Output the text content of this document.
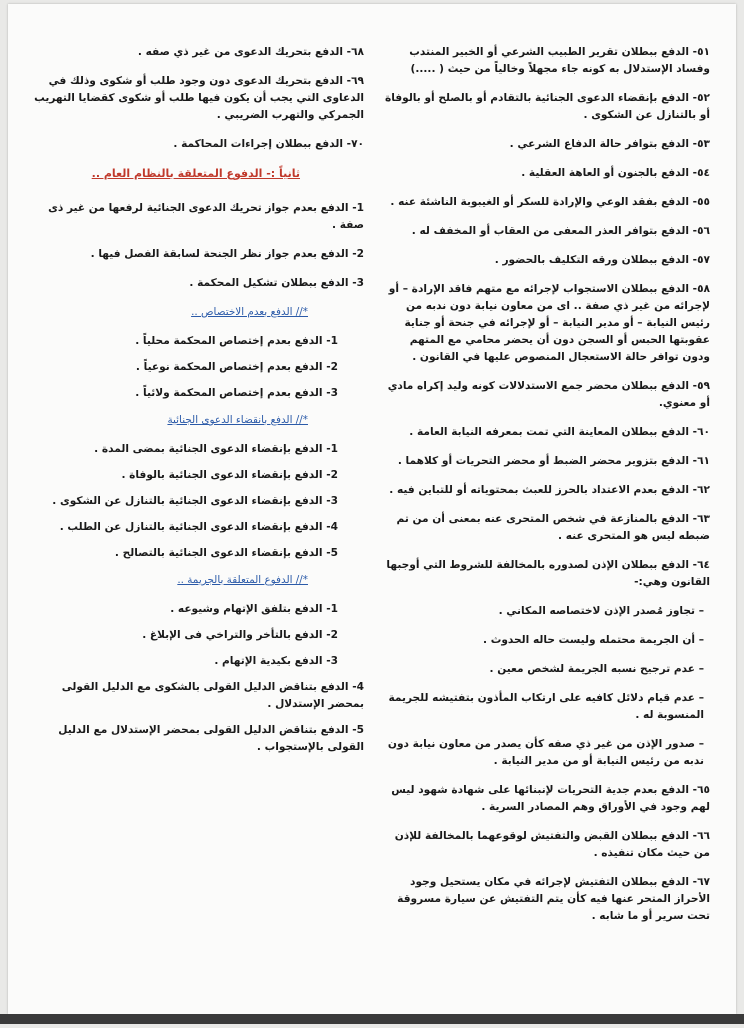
٥١- الدفع ببطلان تقرير الطبيب الشرعي أو الخبير المنتدب وفساد الإستدلال به كونه جاء مجهلاً وخالياً من حيث ( .....)

٥٢- الدفع بإنقضاء الدعوى الجنائية بالتقادم أو بالصلح أو بالوفاة أو بالتنازل عن الشكوى .

٥٣- الدفع بتوافر حالة الدفاع الشرعي .

٥٤- الدفع بالجنون أو العاهة العقلية .

٥٥- الدفع بفقد الوعي والإرادة للسكر أو الغيبوبة الناشئة عنه .

٥٦- الدفع بتوافر العذر المعفى من العقاب أو المخفف له .

٥٧- الدفع ببطلان ورقه التكليف بالحضور .

٥٨- الدفع ببطلان الاستجواب لإجرائه مع متهم فاقد الإرادة – أو لإجرائه من غير ذي صفة .. اى من معاون نيابة دون ندبه من رئيس النيابة – أو مدير النيابة – أو لإجرائه في جنحة أو جناية عقوبتها الحبس أو السجن دون أن يحضر محامي مع المتهم ودون توافر حالة الاستعجال المنصوص عليها في القانون .

٥٩- الدفع ببطلان محضر جمع الاستدلالات كونه وليد إكراه مادي أو معنوي.

٦٠- الدفع ببطلان المعاينة التي تمت بمعرفه النيابة العامة .

٦١- الدفع بتزوير محضر الضبط أو محضر التحريات أو كلاهما .

٦٢- الدفع بعدم الاعتداد بالحرز للعبث بمحتوياته أو للتباين فيه .

٦٣- الدفع بالمنازعة في شخص المتحرى عنه بمعنى أن من تم ضبطه ليس هو المتحرى عنه .

٦٤- الدفع ببطلان الإذن لصدوره بالمخالفة للشروط التي أوجبها القانون وهي:-

– تجاوز مُصدر الإذن لاختصاصه المكاني .

– أن الجريمة محتمله وليست حاله الحدوث .

– عدم ترجيح نسبه الجريمة لشخص معين .

– عدم قيام دلائل كافيه على ارتكاب المأذون بتفتيشه للجريمة المنسوبة له .

– صدور الإذن من غير ذي صفه كأن يصدر من معاون نيابة دون ندبه من رئيس النيابة أو من مدير النيابة .

٦٥- الدفع بعدم جدية التحريات لإنبنائها على شهادة شهود ليس لهم وجود في الأوراق وهم المصادر السرية .

٦٦- الدفع ببطلان القبض والتفتيش لوقوعهما بالمخالفة للإذن من حيث مكان تنفيذه .

٦٧- الدفع ببطلان التفتيش لإجرائه في مكان يستحيل وجود الأحراز المتحر عنها فيه كأن يتم التفتيش عن سيارة مسروقة تحت سرير أو ما شابه .

٦٨- الدفع بتحريك الدعوى من غير ذي صفه .

٦٩- الدفع بتحريك الدعوى دون وجود طلب أو شكوى وذلك في الدعاوى التي يجب أن يكون فيها طلب أو شكوى كقضايا التهريب الجمركي والتهرب الضريبي .

٧٠- الدفع ببطلان إجراءات المحاكمة .

ثانياً :- الدفوع المتعلقة بالنظام العام ..

1- الدفع بعدم جواز تحريك الدعوى الجنائية لرفعها من غير ذى صفة .

2- الدفع بعدم جواز نظر الجنحة لسابقة الفصل فيها .

3- الدفع ببطلان تشكيل المحكمة .

*// الدفع بعدم الاختصاص ..

1- الدفع بعدم إختصاص المحكمة محلياً .

2- الدفع بعدم إختصاص المحكمة نوعياً .

3- الدفع بعدم إختصاص المحكمة ولائياً .

*// الدفع بانقضاء الدعوى الجنائية

1- الدفع بإنقضاء الدعوى الجنائية بمضى المدة .

2- الدفع بإنقضاء الدعوى الجنائية بالوفاة .

3- الدفع بإنقضاء الدعوى الجنائية بالتنازل عن الشكوى .

4- الدفع بإنقضاء الدعوى الجنائية بالتنازل عن الطلب .

5- الدفع بإنقضاء الدعوى الجنائية بالتصالح .

*// الدفوع المتعلقة بالجريمة ..

1- الدفع بتلفق الإتهام وشيوعه .

2- الدفع بالتأخر والتراخي فى الإبلاغ .

3- الدفع بكيدية الإتهام .

4- الدفع بتناقض الدليل القولى بالشكوى مع الدليل القولى بمحضر الإستدلال .

5- الدفع بتناقض الدليل القولى بمحضر الإستدلال مع الدليل القولى بالإستجواب .
